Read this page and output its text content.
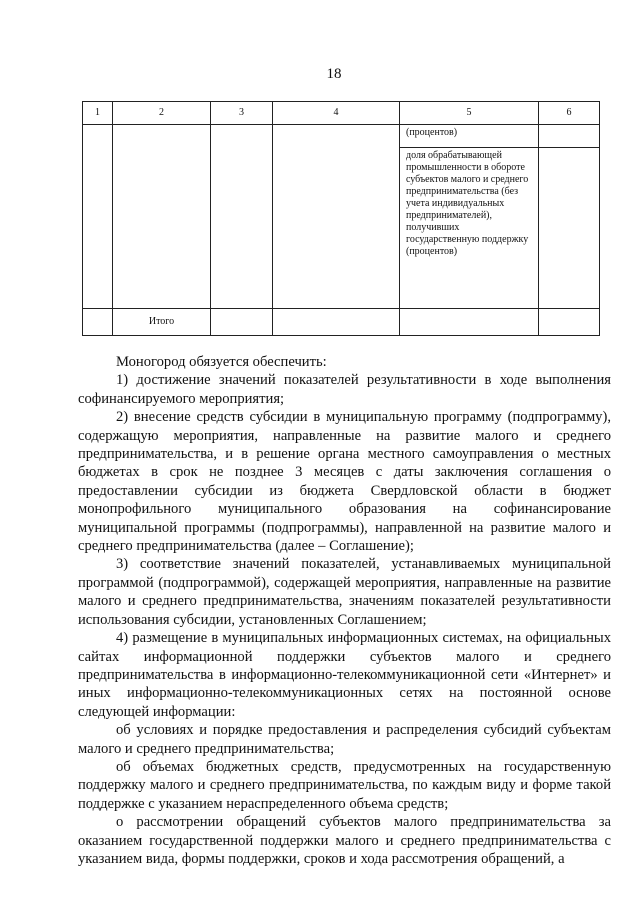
18
1	2	3	4	5	6
				(процентов)	
				доля обрабатывающей промышленности в обороте субъектов малого и среднего предпринимательства (без учета индивидуальных предпринимателей), получивших государственную поддержку (процентов)	
	Итого				

Моногород обязуется обеспечить:

1) достижение значений показателей результативности в ходе выполнения софинансируемого мероприятия;

2) внесение средств субсидии в муниципальную программу (подпрограмму), содержащую мероприятия, направленные на развитие малого и среднего предпринимательства, и в решение органа местного самоуправления о местных бюджетах в срок не позднее 3 месяцев с даты заключения соглашения о предоставлении субсидии из бюджета Свердловской области в бюджет монопрофильного муниципального образования на софинансирование муниципальной программы (подпрограммы), направленной на развитие малого и среднего предпринимательства (далее – Соглашение);

3) соответствие значений показателей, устанавливаемых муниципальной программой (подпрограммой), содержащей мероприятия, направленные на развитие малого и среднего предпринимательства, значениям показателей результативности использования субсидии, установленных Соглашением;

4) размещение в муниципальных информационных системах, на официальных сайтах информационной поддержки субъектов малого и среднего предпринимательства в информационно-телекоммуникационной сети «Интернет» и иных информационно-телекоммуникационных сетях на постоянной основе следующей информации:

об условиях и порядке предоставления и распределения субсидий субъектам малого и среднего предпринимательства;

об объемах бюджетных средств, предусмотренных на государственную поддержку малого и среднего предпринимательства, по каждым виду и форме такой поддержке с указанием нераспределенного объема средств;

о рассмотрении обращений субъектов малого предпринимательства за оказанием государственной поддержки малого и среднего предпринимательства с указанием вида, формы поддержки, сроков и хода рассмотрения обращений, а
